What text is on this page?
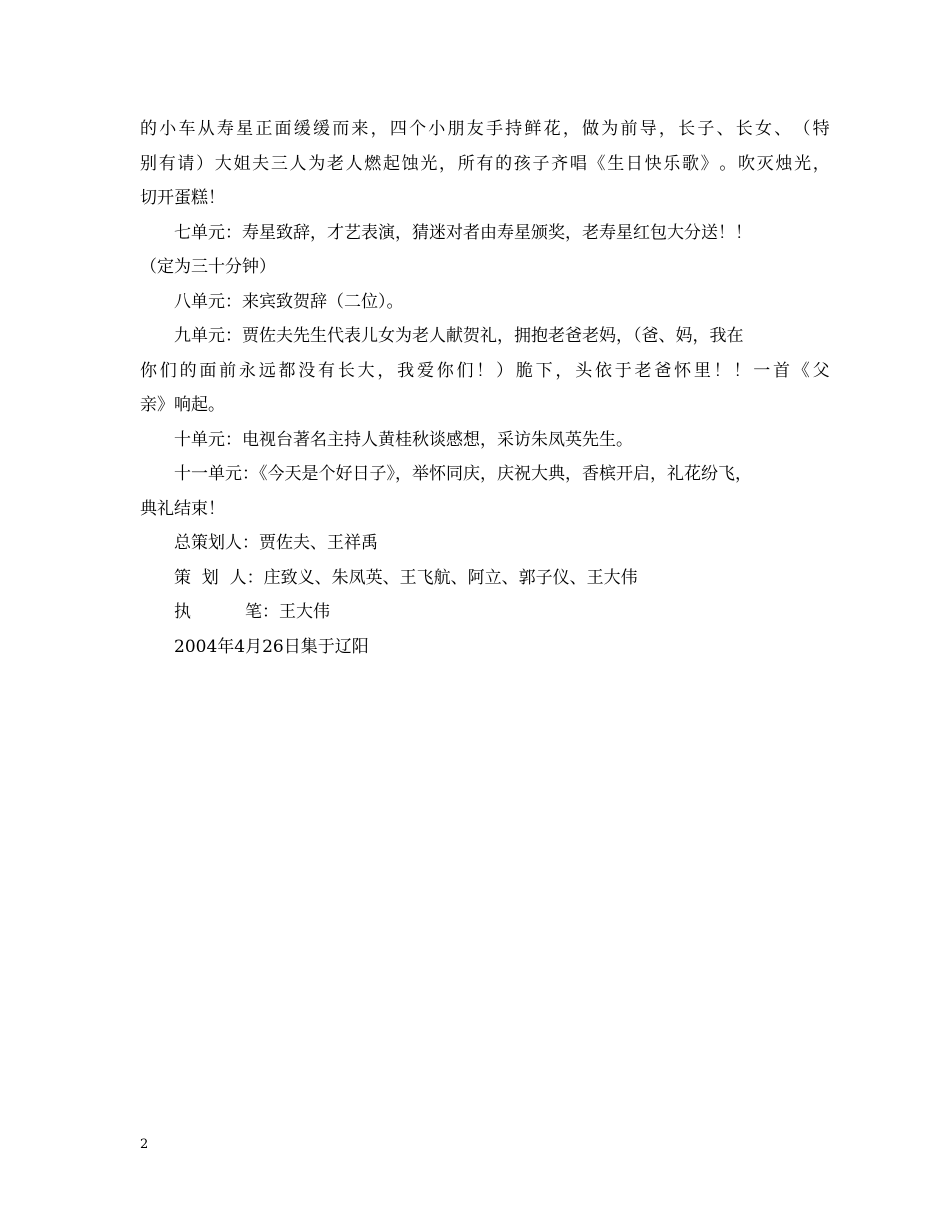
的 小 车 从 寿 星 正 面 缓 缓 而 来 ， 四 个 小 朋 友 手 持 鲜 花 ， 做 为 前 导 ， 长 子 、 长 女 、 （ 特
别 有 请 ） 大 姐 夫 三 人 为 老 人 燃 起 蚀 光 ， 所 有 的 孩 子 齐 唱 《 生 日 快 乐 歌 》 。 吹 灭 烛 光 ，
切开蛋糕！
七单元：寿星致辞，才艺表演，猜迷对者由寿星颁奖，老寿星红包大分送！！
（定为三十分钟）
八单元：来宾致贺辞（二位）。
九单元：贾佐夫先生代表儿女为老人献贺礼，拥抱老爸老妈，（爸、妈，我在
你 们 的 面 前 永 远 都 没 有 长 大 ， 我 爱 你 们 ！ ） 脆 下 ， 头 依 于 老 爸 怀 里 ！ ！ 一 首 《 父
亲》响起。
十单元：电视台著名主持人黄桂秋谈感想，采访朱凤英先生。
十一单元：《今天是个好日子》，举怀同庆，庆祝大典，香槟开启，礼花纷飞，
典礼结束！
总策划人：贾佐夫、王祥禹
策  划  人：庄致义、朱凤英、王飞航、阿立、郭子仪、王大伟
执          笔：王大伟
2004年4月26日集于辽阳
2
